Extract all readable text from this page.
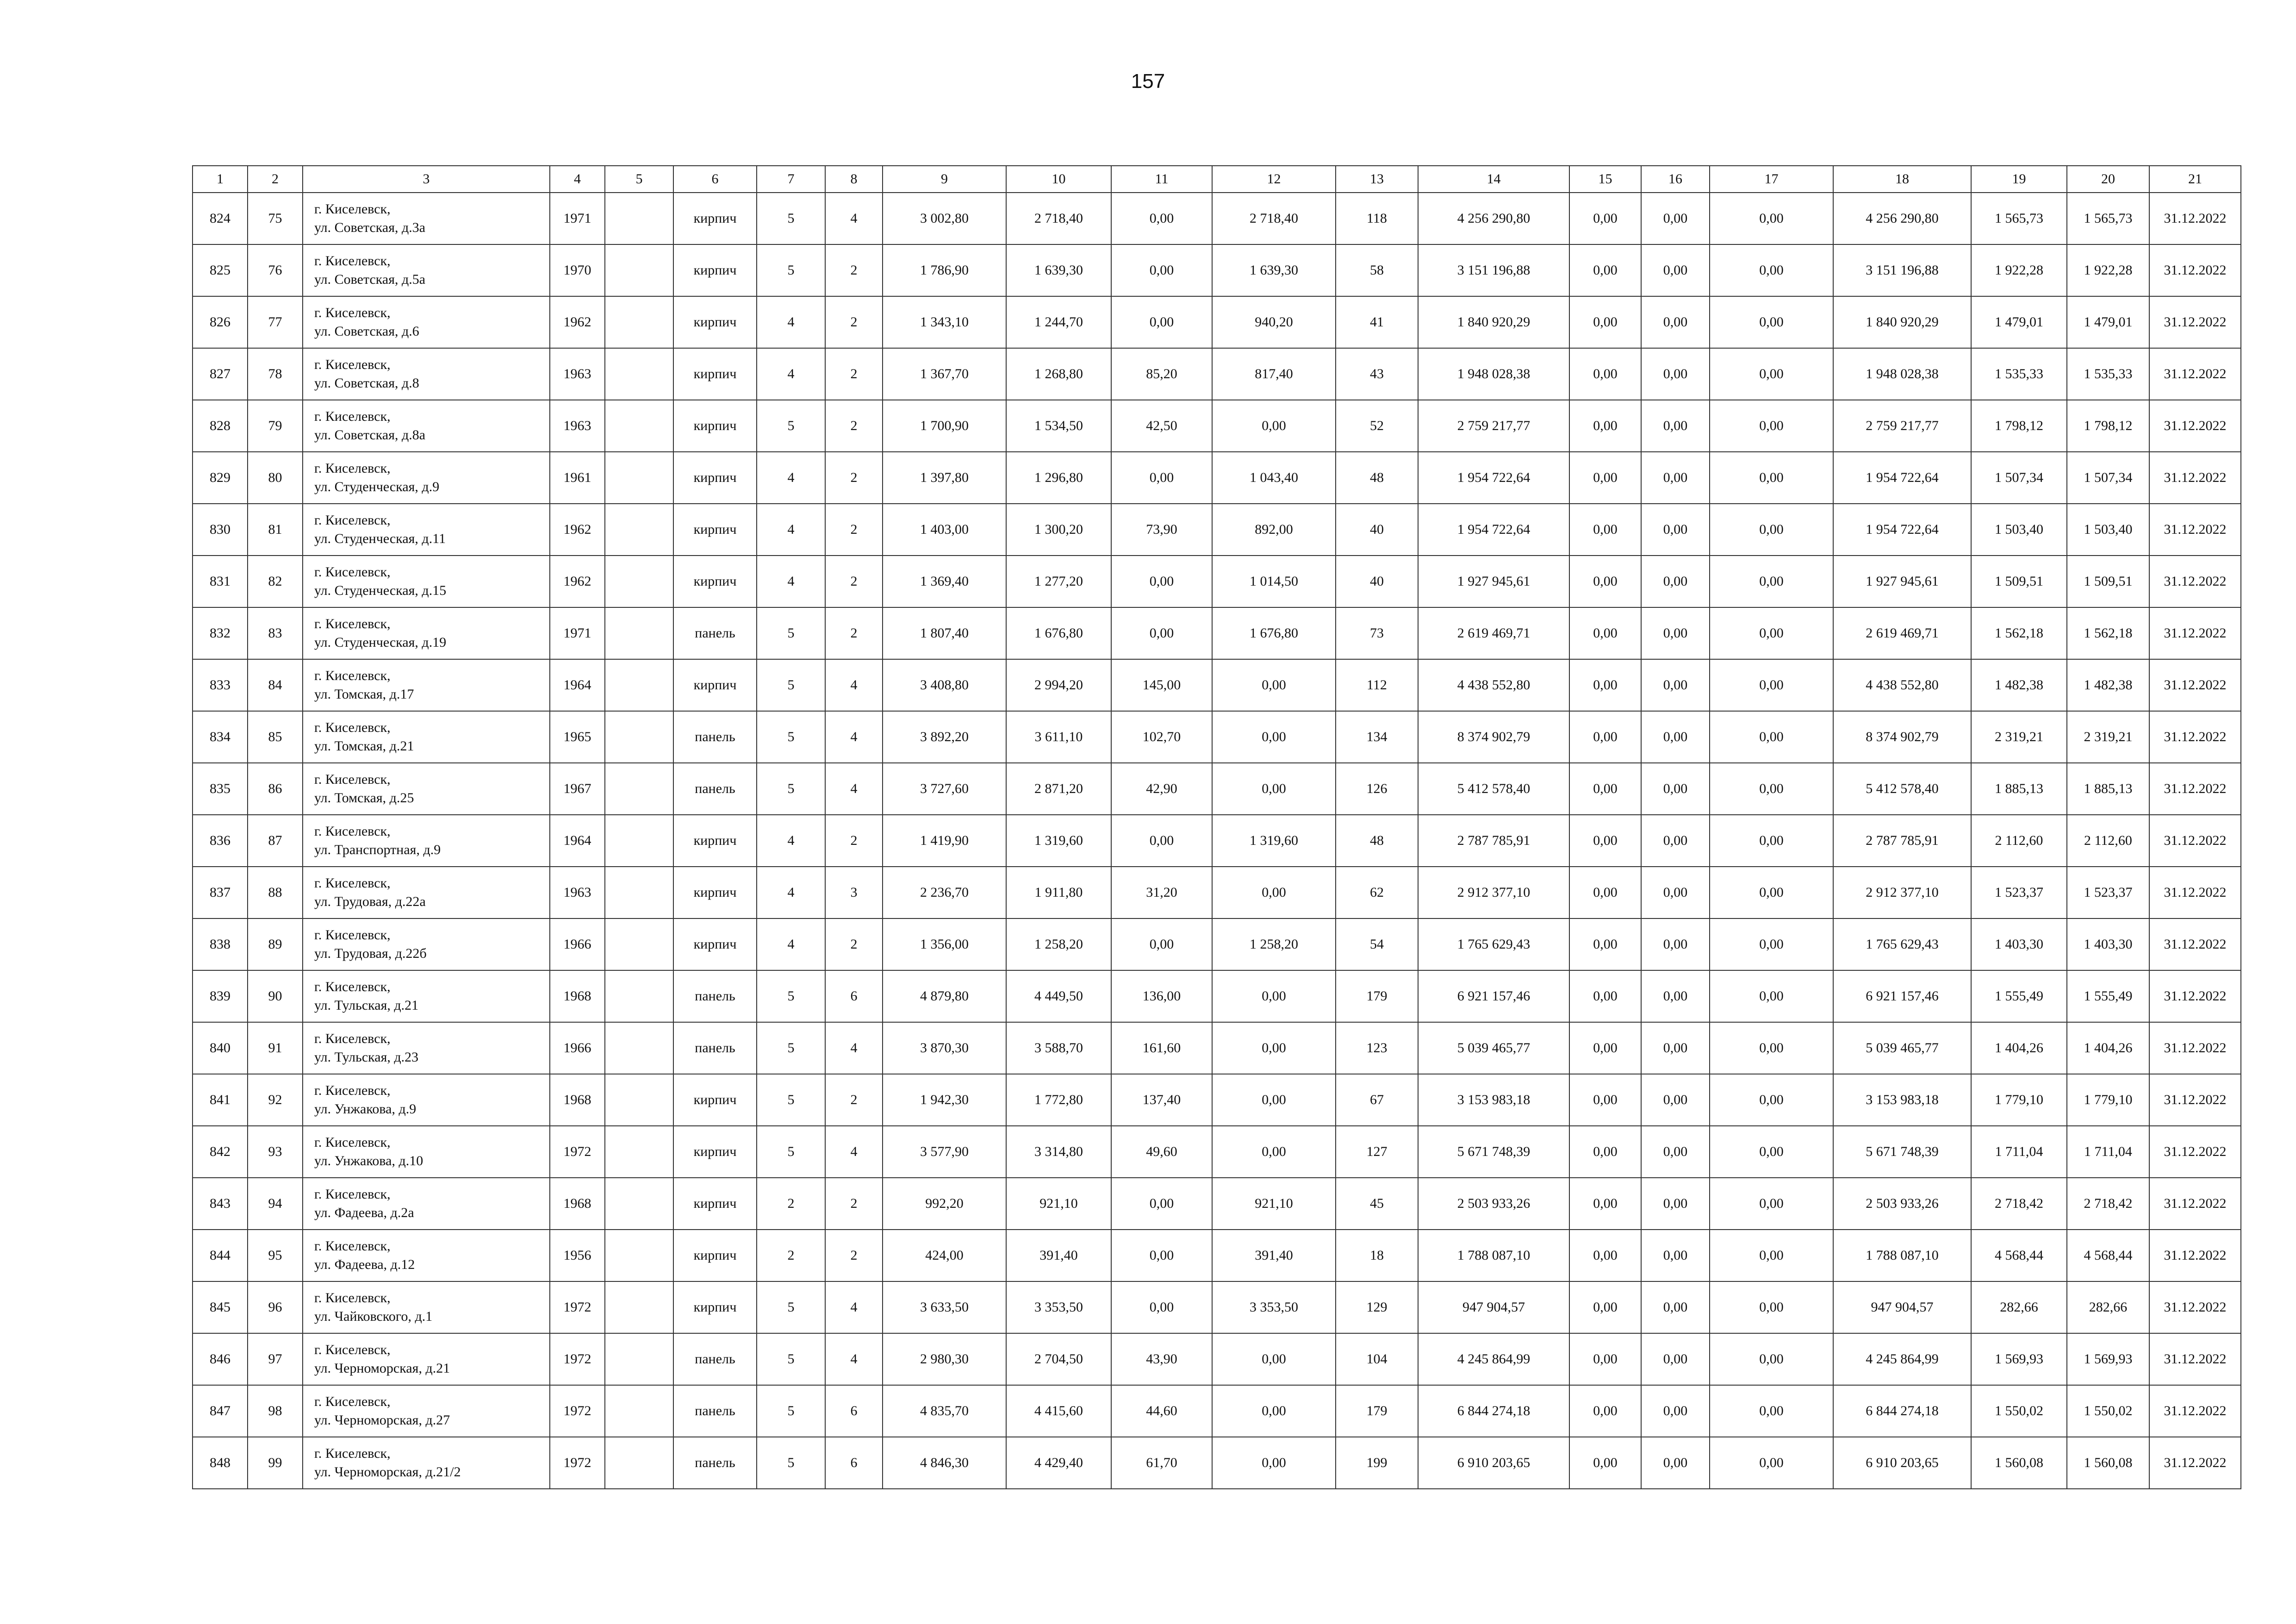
157
1	2	3	4	5	6	7	8	9	10	11	12	13	14	15	16	17	18	19	20	21
824	75	г. Киселевск,
ул. Советская, д.3а	1971		кирпич	5	4	3 002,80	2 718,40	0,00	2 718,40	118	4 256 290,80	0,00	0,00	0,00	4 256 290,80	1 565,73	1 565,73	31.12.2022
825	76	г. Киселевск,
ул. Советская, д.5а	1970		кирпич	5	2	1 786,90	1 639,30	0,00	1 639,30	58	3 151 196,88	0,00	0,00	0,00	3 151 196,88	1 922,28	1 922,28	31.12.2022
826	77	г. Киселевск,
ул. Советская, д.6	1962		кирпич	4	2	1 343,10	1 244,70	0,00	940,20	41	1 840 920,29	0,00	0,00	0,00	1 840 920,29	1 479,01	1 479,01	31.12.2022
827	78	г. Киселевск,
ул. Советская, д.8	1963		кирпич	4	2	1 367,70	1 268,80	85,20	817,40	43	1 948 028,38	0,00	0,00	0,00	1 948 028,38	1 535,33	1 535,33	31.12.2022
828	79	г. Киселевск,
ул. Советская, д.8а	1963		кирпич	5	2	1 700,90	1 534,50	42,50	0,00	52	2 759 217,77	0,00	0,00	0,00	2 759 217,77	1 798,12	1 798,12	31.12.2022
829	80	г. Киселевск,
ул. Студенческая, д.9	1961		кирпич	4	2	1 397,80	1 296,80	0,00	1 043,40	48	1 954 722,64	0,00	0,00	0,00	1 954 722,64	1 507,34	1 507,34	31.12.2022
830	81	г. Киселевск,
ул. Студенческая, д.11	1962		кирпич	4	2	1 403,00	1 300,20	73,90	892,00	40	1 954 722,64	0,00	0,00	0,00	1 954 722,64	1 503,40	1 503,40	31.12.2022
831	82	г. Киселевск,
ул. Студенческая, д.15	1962		кирпич	4	2	1 369,40	1 277,20	0,00	1 014,50	40	1 927 945,61	0,00	0,00	0,00	1 927 945,61	1 509,51	1 509,51	31.12.2022
832	83	г. Киселевск,
ул. Студенческая, д.19	1971		панель	5	2	1 807,40	1 676,80	0,00	1 676,80	73	2 619 469,71	0,00	0,00	0,00	2 619 469,71	1 562,18	1 562,18	31.12.2022
833	84	г. Киселевск,
ул. Томская, д.17	1964		кирпич	5	4	3 408,80	2 994,20	145,00	0,00	112	4 438 552,80	0,00	0,00	0,00	4 438 552,80	1 482,38	1 482,38	31.12.2022
834	85	г. Киселевск,
ул. Томская, д.21	1965		панель	5	4	3 892,20	3 611,10	102,70	0,00	134	8 374 902,79	0,00	0,00	0,00	8 374 902,79	2 319,21	2 319,21	31.12.2022
835	86	г. Киселевск,
ул. Томская, д.25	1967		панель	5	4	3 727,60	2 871,20	42,90	0,00	126	5 412 578,40	0,00	0,00	0,00	5 412 578,40	1 885,13	1 885,13	31.12.2022
836	87	г. Киселевск,
ул. Транспортная, д.9	1964		кирпич	4	2	1 419,90	1 319,60	0,00	1 319,60	48	2 787 785,91	0,00	0,00	0,00	2 787 785,91	2 112,60	2 112,60	31.12.2022
837	88	г. Киселевск,
ул. Трудовая, д.22а	1963		кирпич	4	3	2 236,70	1 911,80	31,20	0,00	62	2 912 377,10	0,00	0,00	0,00	2 912 377,10	1 523,37	1 523,37	31.12.2022
838	89	г. Киселевск,
ул. Трудовая, д.22б	1966		кирпич	4	2	1 356,00	1 258,20	0,00	1 258,20	54	1 765 629,43	0,00	0,00	0,00	1 765 629,43	1 403,30	1 403,30	31.12.2022
839	90	г. Киселевск,
ул. Тульская, д.21	1968		панель	5	6	4 879,80	4 449,50	136,00	0,00	179	6 921 157,46	0,00	0,00	0,00	6 921 157,46	1 555,49	1 555,49	31.12.2022
840	91	г. Киселевск,
ул. Тульская, д.23	1966		панель	5	4	3 870,30	3 588,70	161,60	0,00	123	5 039 465,77	0,00	0,00	0,00	5 039 465,77	1 404,26	1 404,26	31.12.2022
841	92	г. Киселевск,
ул. Унжакова, д.9	1968		кирпич	5	2	1 942,30	1 772,80	137,40	0,00	67	3 153 983,18	0,00	0,00	0,00	3 153 983,18	1 779,10	1 779,10	31.12.2022
842	93	г. Киселевск,
ул. Унжакова, д.10	1972		кирпич	5	4	3 577,90	3 314,80	49,60	0,00	127	5 671 748,39	0,00	0,00	0,00	5 671 748,39	1 711,04	1 711,04	31.12.2022
843	94	г. Киселевск,
ул. Фадеева, д.2а	1968		кирпич	2	2	992,20	921,10	0,00	921,10	45	2 503 933,26	0,00	0,00	0,00	2 503 933,26	2 718,42	2 718,42	31.12.2022
844	95	г. Киселевск,
ул. Фадеева, д.12	1956		кирпич	2	2	424,00	391,40	0,00	391,40	18	1 788 087,10	0,00	0,00	0,00	1 788 087,10	4 568,44	4 568,44	31.12.2022
845	96	г. Киселевск,
ул. Чайковского, д.1	1972		кирпич	5	4	3 633,50	3 353,50	0,00	3 353,50	129	947 904,57	0,00	0,00	0,00	947 904,57	282,66	282,66	31.12.2022
846	97	г. Киселевск,
ул. Черноморская, д.21	1972		панель	5	4	2 980,30	2 704,50	43,90	0,00	104	4 245 864,99	0,00	0,00	0,00	4 245 864,99	1 569,93	1 569,93	31.12.2022
847	98	г. Киселевск,
ул. Черноморская, д.27	1972		панель	5	6	4 835,70	4 415,60	44,60	0,00	179	6 844 274,18	0,00	0,00	0,00	6 844 274,18	1 550,02	1 550,02	31.12.2022
848	99	г. Киселевск,
ул. Черноморская, д.21/2	1972		панель	5	6	4 846,30	4 429,40	61,70	0,00	199	6 910 203,65	0,00	0,00	0,00	6 910 203,65	1 560,08	1 560,08	31.12.2022
